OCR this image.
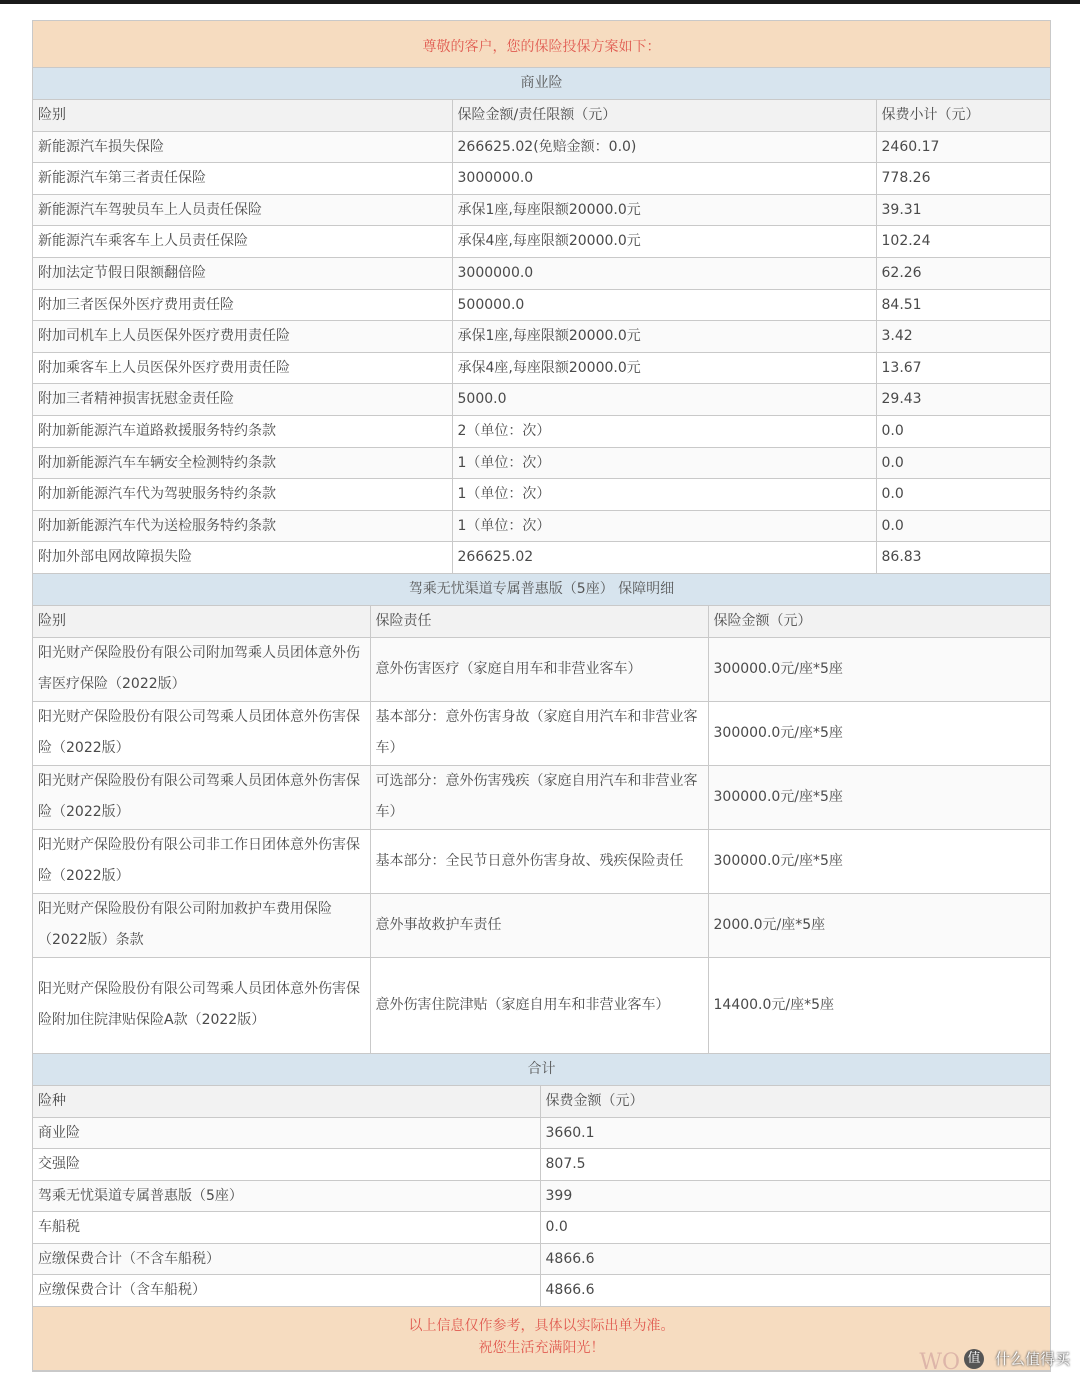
尊敬的客户，您的保险投保方案如下：
商业险
险别	保险金额/责任限额（元）	保费小计（元）
新能源汽车损失保险	266625.02(免赔金额：0.0)	2460.17
新能源汽车第三者责任保险	3000000.0	778.26
新能源汽车驾驶员车上人员责任保险	承保1座,每座限额20000.0元	39.31
新能源汽车乘客车上人员责任保险	承保4座,每座限额20000.0元	102.24
附加法定节假日限额翻倍险	3000000.0	62.26
附加三者医保外医疗费用责任险	500000.0	84.51
附加司机车上人员医保外医疗费用责任险	承保1座,每座限额20000.0元	3.42
附加乘客车上人员医保外医疗费用责任险	承保4座,每座限额20000.0元	13.67
附加三者精神损害抚慰金责任险	5000.0	29.43
附加新能源汽车道路救援服务特约条款	2（单位：次）	0.0
附加新能源汽车车辆安全检测特约条款	1（单位：次）	0.0
附加新能源汽车代为驾驶服务特约条款	1（单位：次）	0.0
附加新能源汽车代为送检服务特约条款	1（单位：次）	0.0
附加外部电网故障损失险	266625.02	86.83
驾乘无忧渠道专属普惠版（5座） 保障明细
险别	保险责任	保险金额（元）
阳光财产保险股份有限公司附加驾乘人员团体意外伤害医疗保险（2022版）	意外伤害医疗（家庭自用车和非营业客车）	300000.0元/座*5座
阳光财产保险股份有限公司驾乘人员团体意外伤害保险（2022版）	基本部分：意外伤害身故（家庭自用汽车和非营业客车）	300000.0元/座*5座
阳光财产保险股份有限公司驾乘人员团体意外伤害保险（2022版）	可选部分：意外伤害残疾（家庭自用汽车和非营业客车）	300000.0元/座*5座
阳光财产保险股份有限公司非工作日团体意外伤害保险（2022版）	基本部分：全民节日意外伤害身故、残疾保险责任	300000.0元/座*5座
阳光财产保险股份有限公司附加救护车费用保险（2022版）条款	意外事故救护车责任	2000.0元/座*5座
阳光财产保险股份有限公司驾乘人员团体意外伤害保险附加住院津贴保险A款（2022版）	意外伤害住院津贴（家庭自用车和非营业客车）	14400.0元/座*5座
合计
险种	保费金额（元）
商业险	3660.1
交强险	807.5
驾乘无忧渠道专属普惠版（5座）	399
车船税	0.0
应缴保费合计（不含车船税）	4866.6
应缴保费合计（含车船税）	4866.6
以上信息仅作参考，具体以实际出单为准。
祝您生活充满阳光！
WO 值 什么值得买
